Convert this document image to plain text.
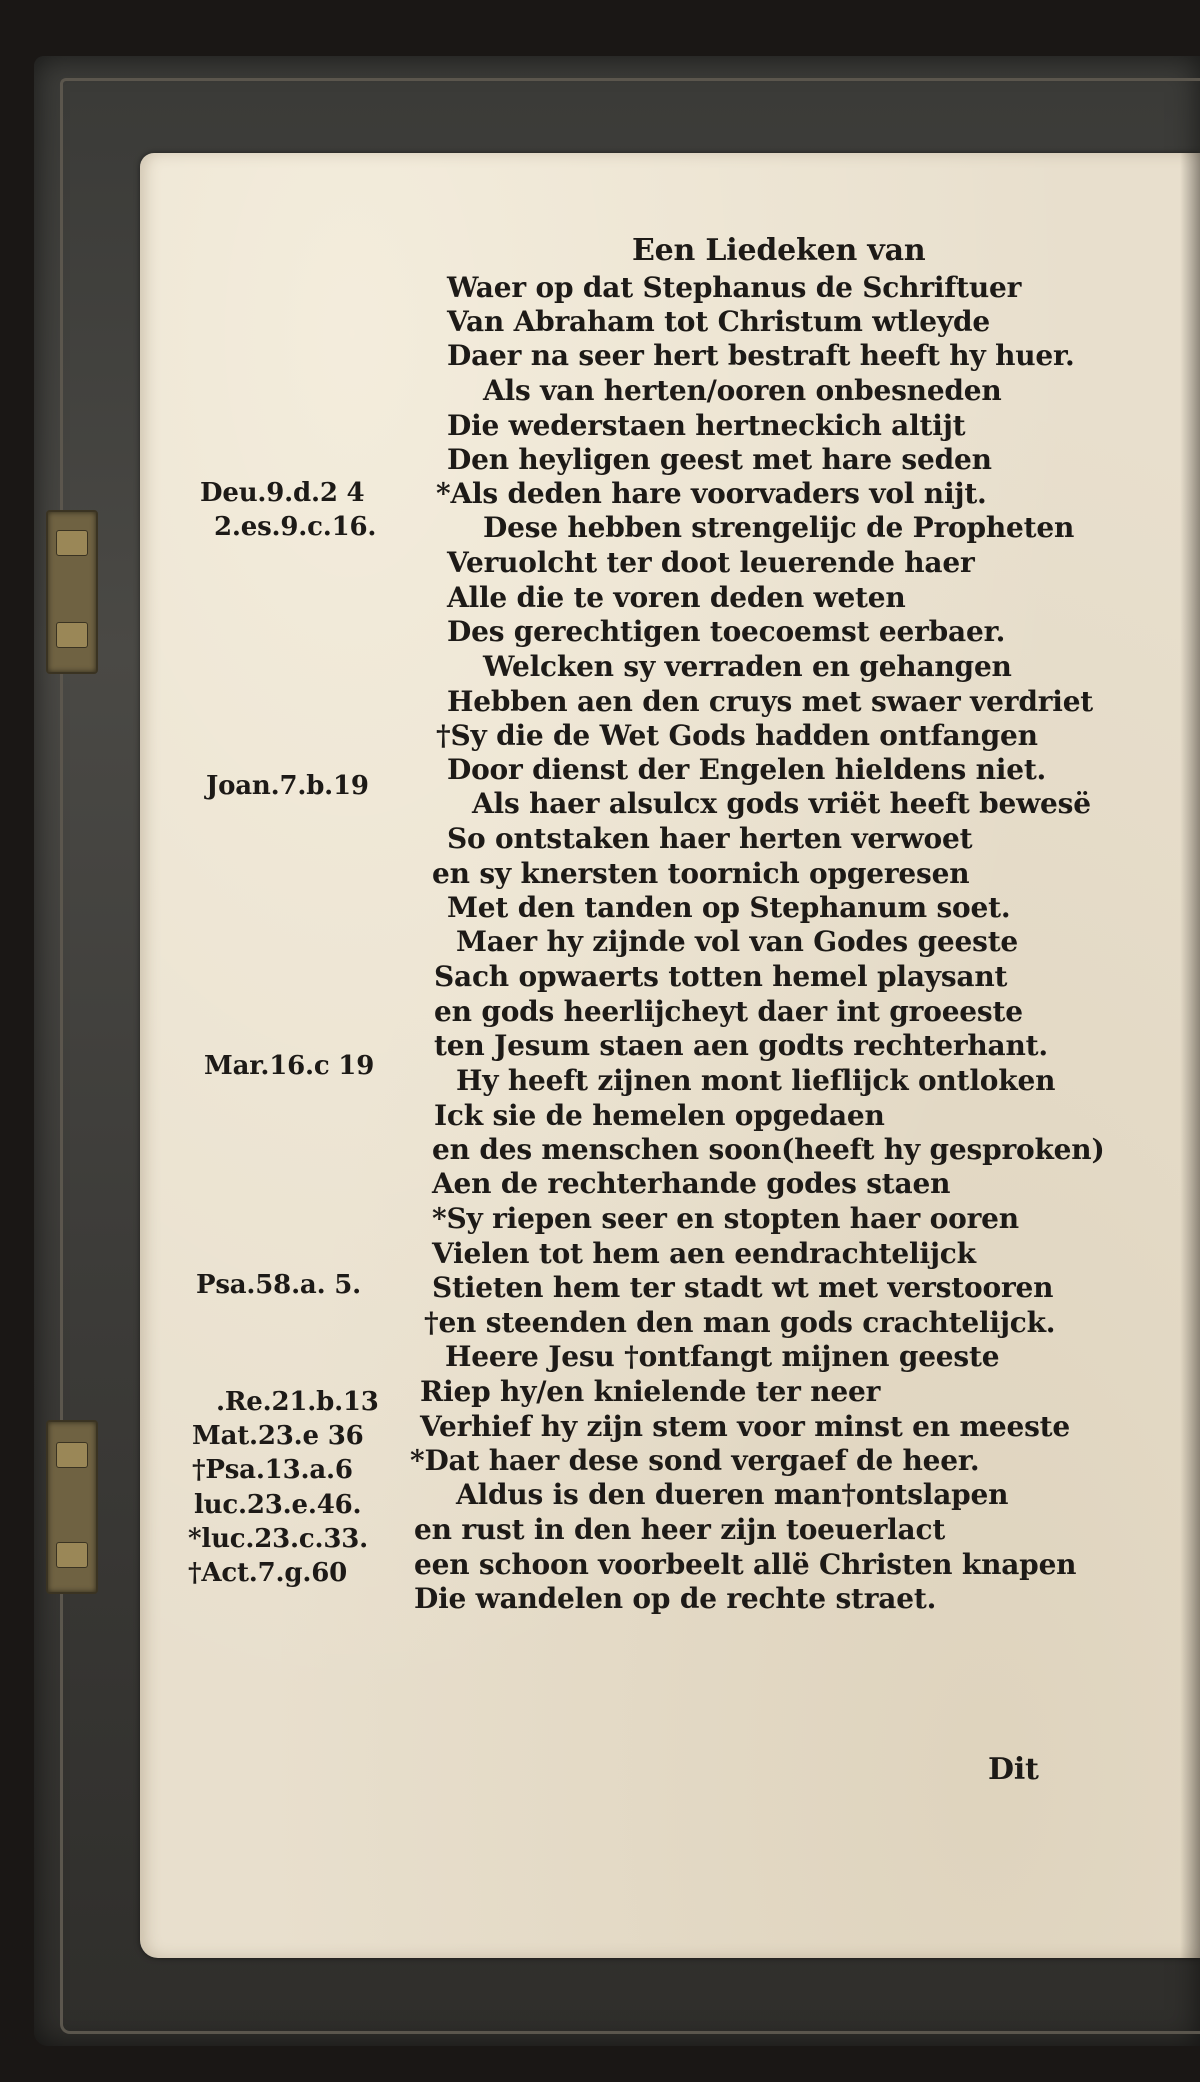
Een Liedeken van
Waer op dat Stephanus de Schriftuer
Van Abraham tot Christum wtleyde
Daer na seer hert bestraft heeft hy huer.
Als van herten/ooren onbesneden
Die wederstaen hertneckich altijt
Den heyligen geest met hare seden
*Als deden hare voorvaders vol nijt.
Dese hebben strengelijc de Propheten
Veruolcht ter doot leuerende haer
Alle die te voren deden weten
Des gerechtigen toecoemst eerbaer.
Welcken sy verraden en gehangen
Hebben aen den cruys met swaer verdriet
†Sy die de Wet Gods hadden ontfangen
Door dienst der Engelen hieldens niet.
Als haer alsulcx gods vriët heeft bewesë
So ontstaken haer herten verwoet
en sy knersten toornich opgeresen
Met den tanden op Stephanum soet.
Maer hy zijnde vol van Godes geeste
Sach opwaerts totten hemel playsant
en gods heerlijcheyt daer int groeeste
ten Jesum staen aen godts rechterhant.
Hy heeft zijnen mont lieflijck ontloken
Ick sie de hemelen opgedaen
en des menschen soon(heeft hy gesproken)
Aen de rechterhande godes staen
*Sy riepen seer en stopten haer ooren
Vielen tot hem aen eendrachtelijck
Stieten hem ter stadt wt met verstooren
†en steenden den man gods crachtelijck.
Heere Jesu †ontfangt mijnen geeste
Riep hy/en knielende ter neer
Verhief hy zijn stem voor minst en meeste
*Dat haer dese sond vergaef de heer.
Aldus is den dueren man†ontslapen
en rust in den heer zijn toeuerlact
een schoon voorbeelt allë Christen knapen
Die wandelen op de rechte straet.
Deu.9.d.2 4
2.es.9.c.16.
Joan.7.b.19
Mar.16.c 19
Psa.58.a. 5.
.Re.21.b.13
Mat.23.e 36
†Psa.13.a.6
luc.23.e.46.
*luc.23.c.33.
†Act.7.g.60
Dit
